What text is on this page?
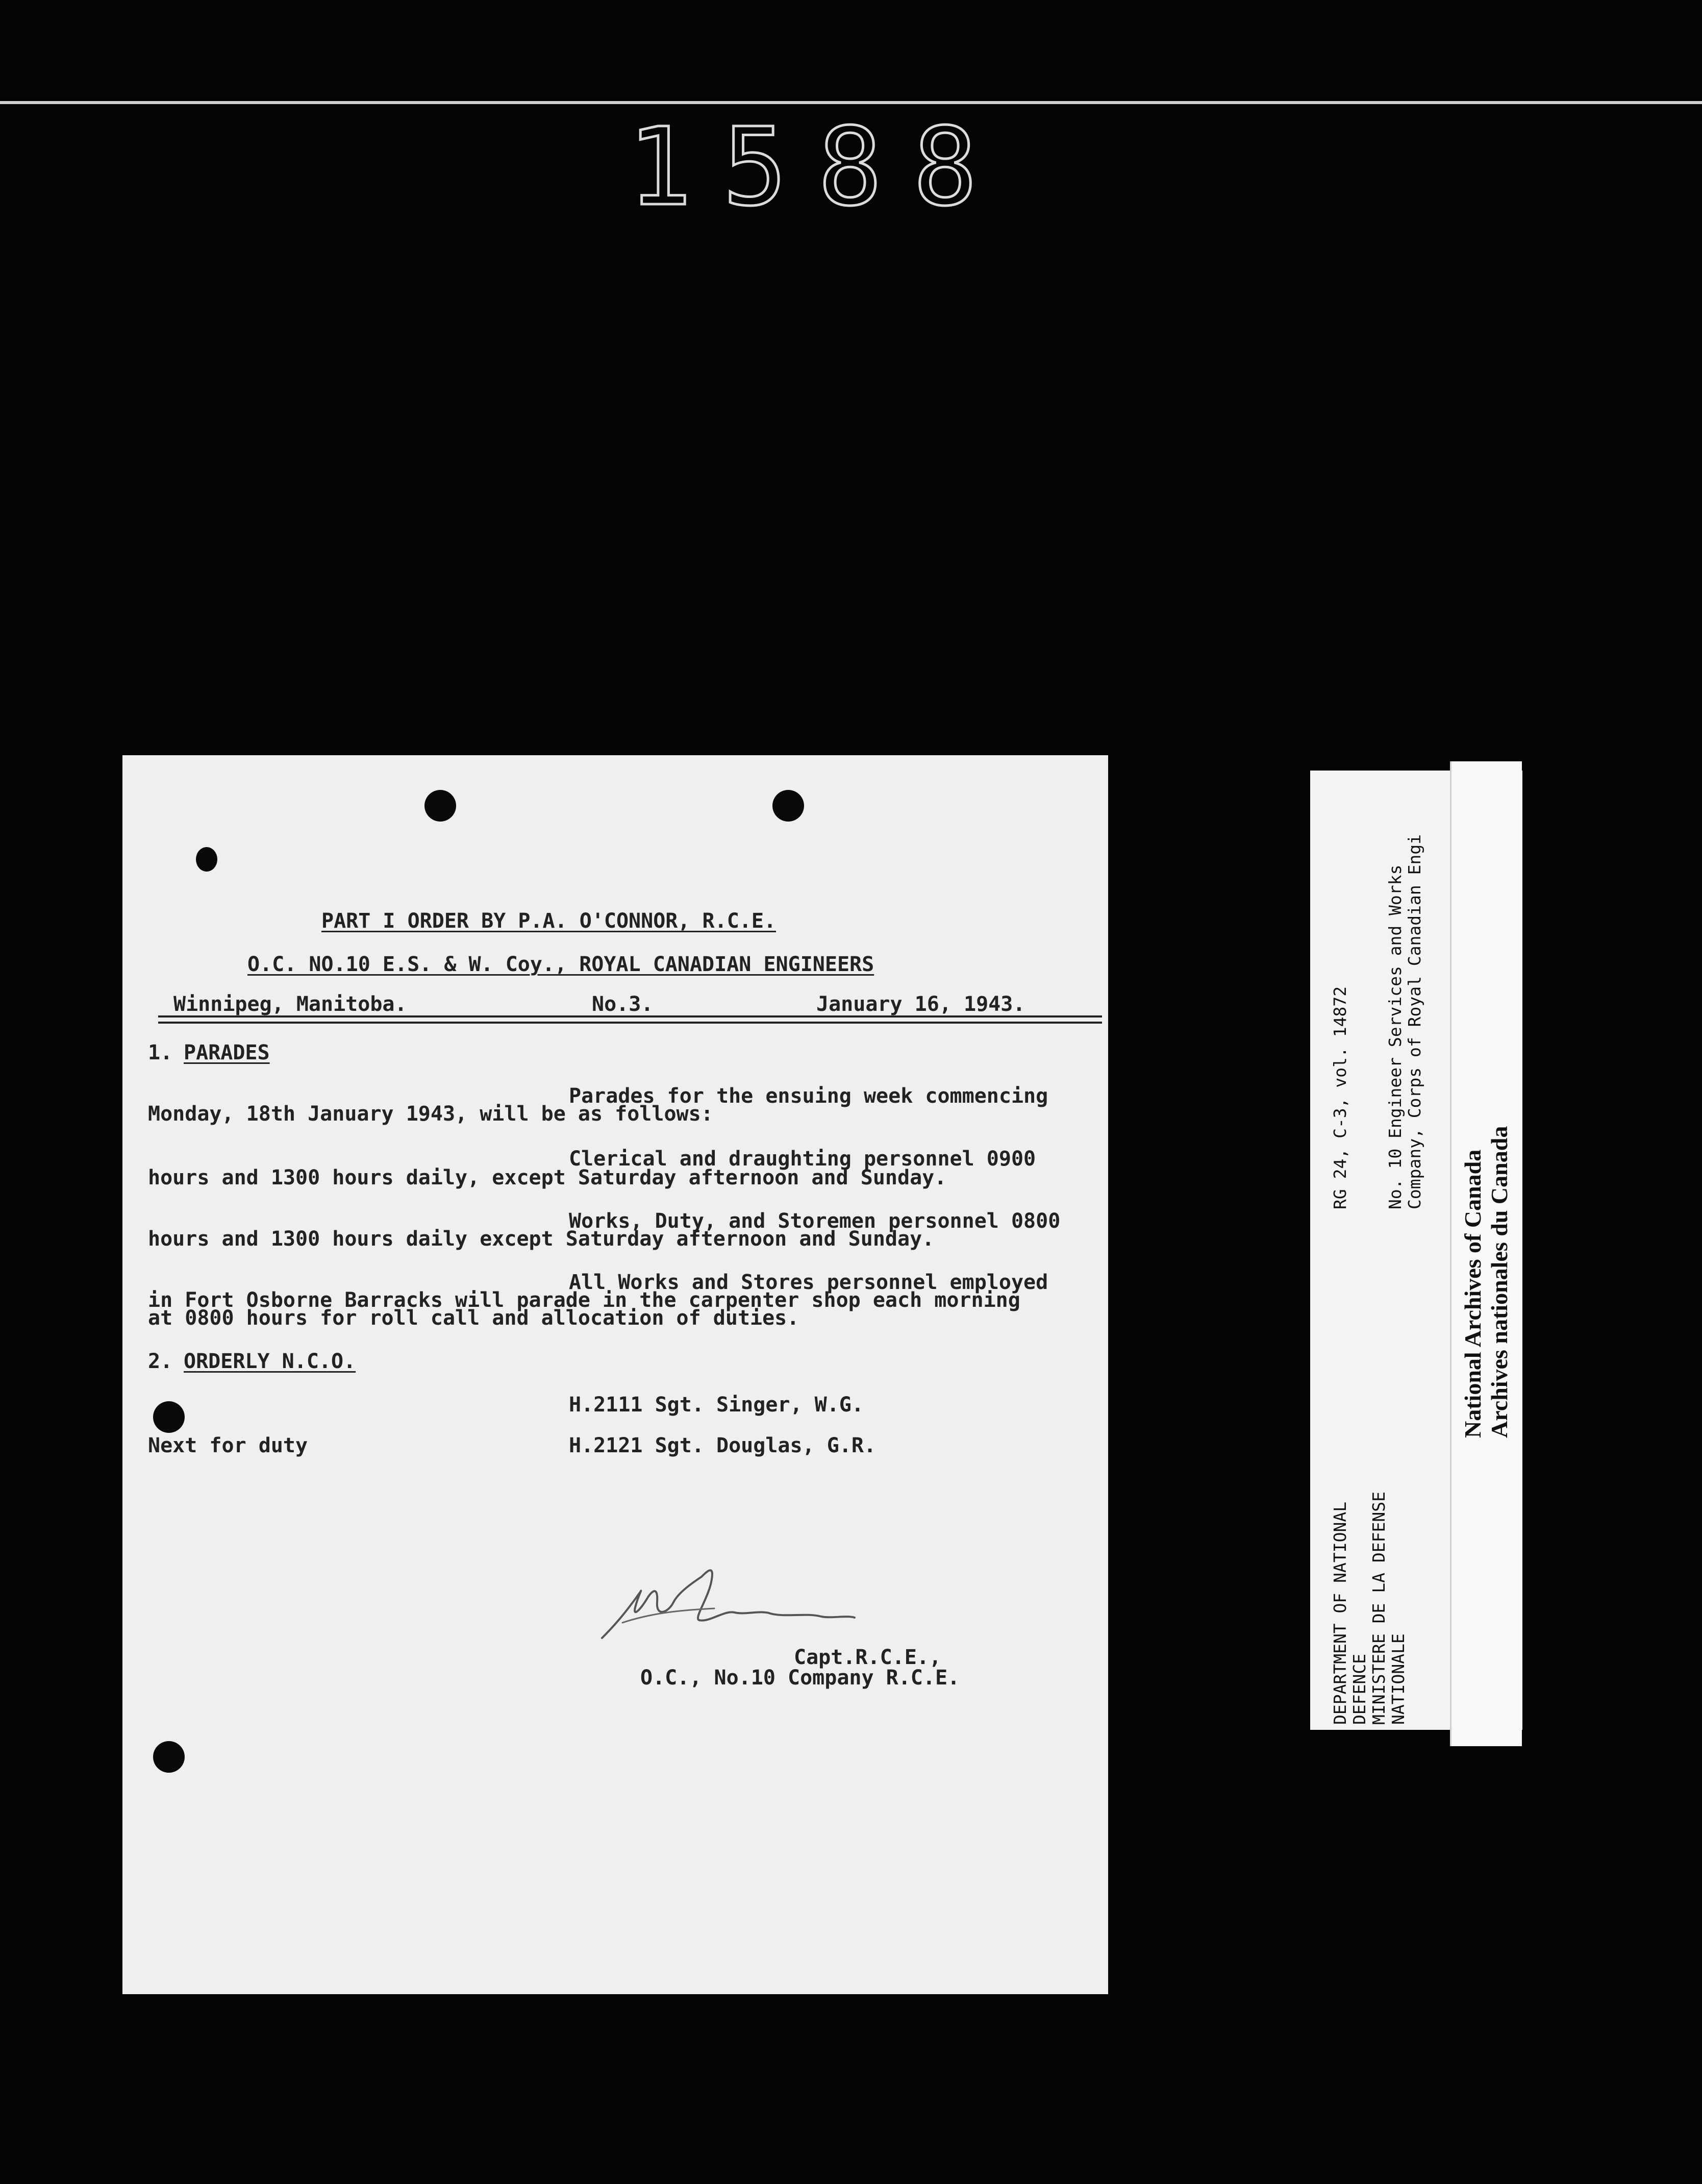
1588
PART I ORDER BY P.A. O'CONNOR, R.C.E.
O.C. NO.10 E.S. & W. Coy., ROYAL CANADIAN ENGINEERS
Winnipeg, Manitoba.	No.3.	January 16, 1943.
1. PARADES
Parades for the ensuing week commencing
Monday, 18th January 1943, will be as follows:
Clerical and draughting personnel 0900
hours and 1300 hours daily, except Saturday afternoon and Sunday.
Works, Duty, and Storemen personnel 0800
hours and 1300 hours daily except Saturday afternoon and Sunday.
All Works and Stores personnel employed
in Fort Osborne Barracks will parade in the carpenter shop each morning
at 0800 hours for roll call and allocation of duties.
2. ORDERLY N.C.O.
H.2111 Sgt. Singer, W.G.
Next for duty	H.2121 Sgt. Douglas, G.R.
Capt.R.C.E.,
O.C., No.10 Company R.C.E.
RG 24, C-3, vol. 14872 No. 10 Engineer Services and Works Company, Corps of Royal Canadian Engi
DEPARTMENT OF NATIONAL DEFENCE MINISTERE DE LA DEFENSE NATIONALE
National Archives of Canada Archives nationales du Canada
